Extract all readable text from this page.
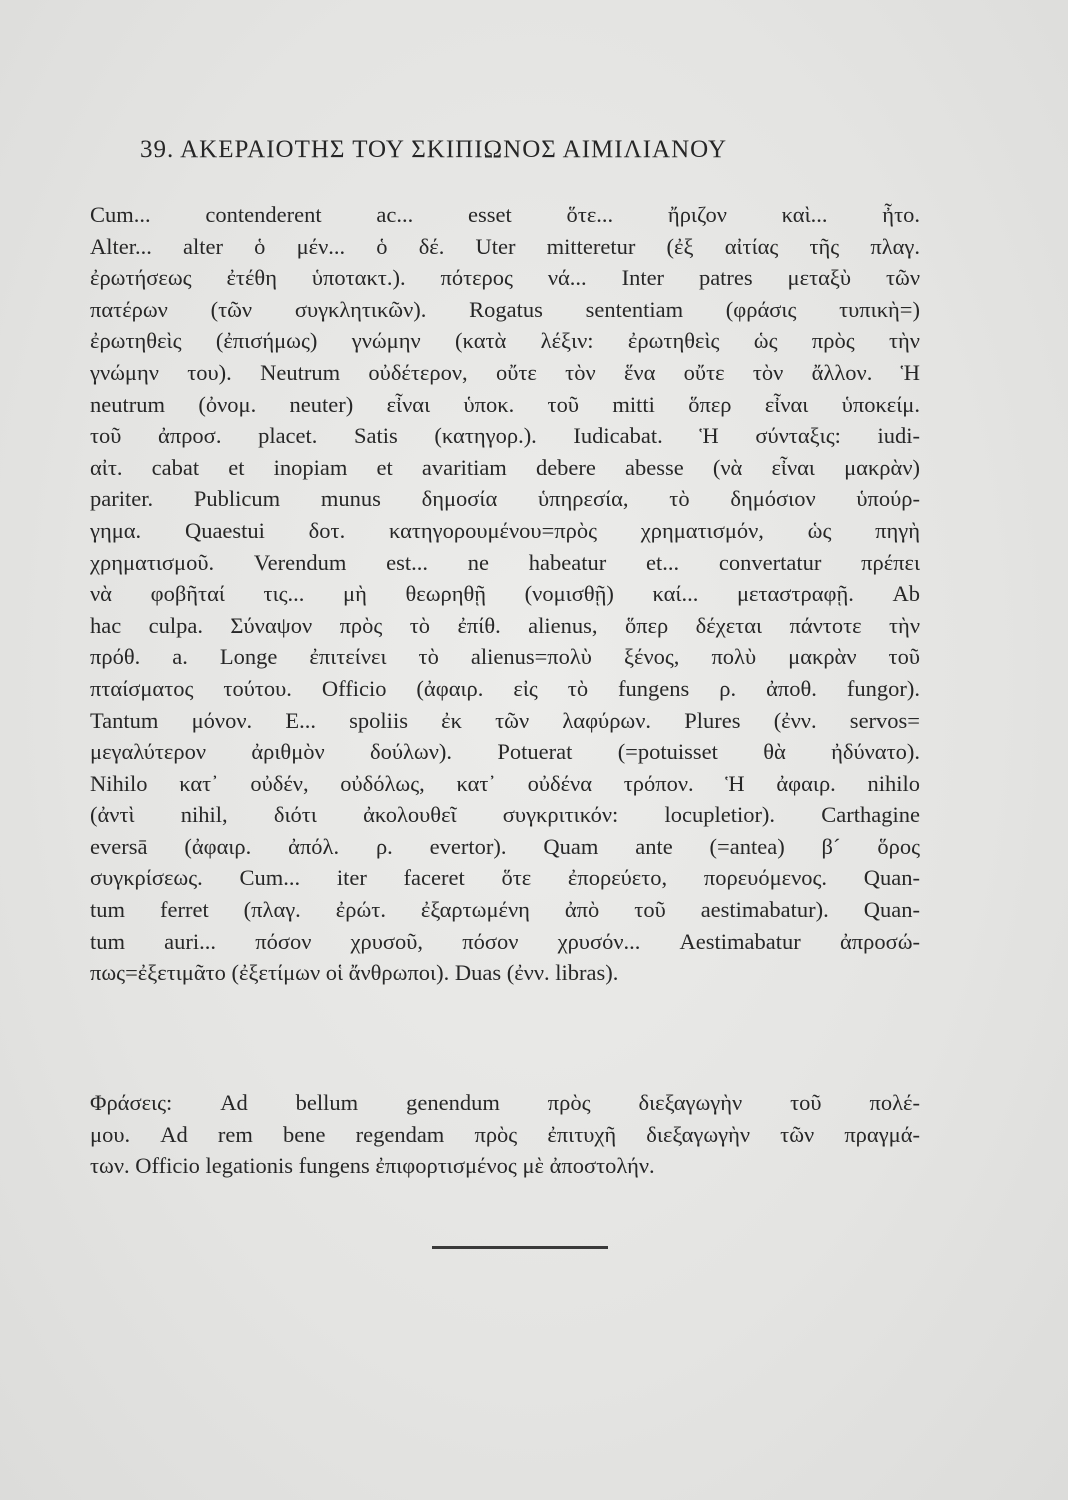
39. ΑΚΕΡΑΙΟΤΗΣ ΤΟΥ ΣΚΙΠΙΩΝΟΣ ΑΙΜΙΛΙΑΝΟΥ
Cum... contenderent ac... esset ὅτε... ἤριζον καὶ... ἦτο.
Alter... alter ὁ μέν... ὁ δέ. Uter mitteretur (ἐξ αἰτίας τῆς πλαγ.
ἐρωτήσεως ἐτέθη ὑποτακτ.). πότερος νά... Inter patres μεταξὺ τῶν
πατέρων (τῶν συγκλητικῶν). Rogatus sententiam (φράσις τυπικὴ=)
ἐρωτηθεὶς (ἐπισήμως) γνώμην (κατὰ λέξιν: ἐρωτηθεὶς ὡς πρὸς τὴν
γνώμην του). Neutrum οὐδέτερον, οὔτε τὸν ἕνα οὔτε τὸν ἄλλον. Ἡ
neutrum (ὀνομ. neuter) εἶναι ὑποκ. τοῦ mitti ὅπερ εἶναι ὑποκείμ.
τοῦ ἀπροσ. placet. Satis (κατηγορ.). Iudicabat. Ἡ σύνταξις: iudi-
αἰτ. cabat et inopiam et avaritiam debere abesse (νὰ εἶναι μακρὰν)
pariter. Publicum munus δημοσία ὑπηρεσία, τὸ δημόσιον ὑπούρ-
γημα. Quaestui δοτ. κατηγορουμένου=πρὸς χρηματισμόν, ὡς πηγὴ
χρηματισμοῦ. Verendum est... ne habeatur et... convertatur πρέπει
νὰ φοβῆταί τις... μὴ θεωρηθῇ (νομισθῇ) καί... μεταστραφῇ. Ab
hac culpa. Σύναψον πρὸς τὸ ἐπίθ. alienus, ὅπερ δέχεται πάντοτε τὴν
πρόθ. a. Longe ἐπιτείνει τὸ alienus=πολὺ ξένος, πολὺ μακρὰν τοῦ
πταίσματος τούτου. Officio (ἀφαιρ. εἰς τὸ fungens ρ. ἀποθ. fungor).
Tantum μόνον. E... spoliis ἐκ τῶν λαφύρων. Plures (ἐνν. servos=
μεγαλύτερον ἀριθμὸν δούλων). Potuerat (=potuisset θὰ ἠδύνατο).
Nihilo κατ᾽ οὐδέν, οὐδόλως, κατ᾽ οὐδένα τρόπον. Ἡ ἀφαιρ. nihilo
(ἀντὶ nihil, διότι ἀκολουθεῖ συγκριτικόν: locupletior). Carthagine
eversā (ἀφαιρ. ἀπόλ. ρ. evertor). Quam ante (=antea) β´ ὅρος
συγκρίσεως. Cum... iter faceret ὅτε ἐπορεύετο, πορευόμενος. Quan-
tum ferret (πλαγ. ἐρώτ. ἐξαρτωμένη ἀπὸ τοῦ aestimabatur). Quan-
tum auri... πόσον χρυσοῦ, πόσον χρυσόν... Aestimabatur ἀπροσώ-
πως=ἐξετιμᾶτο (ἐξετίμων οἱ ἄνθρωποι). Duas (ἐνν. libras).
Φράσεις: Ad bellum genendum πρὸς διεξαγωγὴν τοῦ πολέ-
μου. Ad rem bene regendam πρὸς ἐπιτυχῆ διεξαγωγὴν τῶν πραγμά-
των. Officio legationis fungens ἐπιφορτισμένος μὲ ἀποστολήν.
